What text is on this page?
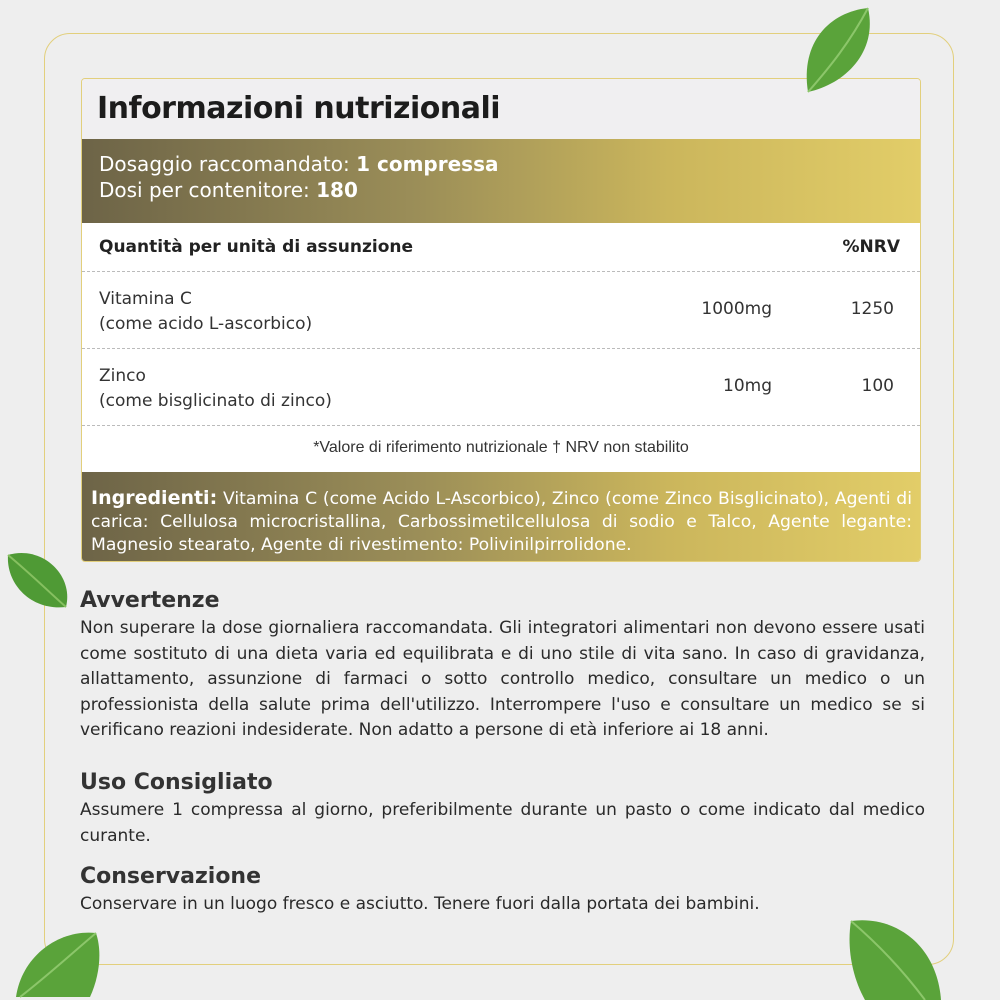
Informazioni nutrizionali
Dosaggio raccomandato: 1 compressa
Dosi per contenitore: 180
Quantità per unità di assunzione	%NRV
Vitamina C
(come acido L-ascorbico)
1000mg	1250
Zinco
(come bisglicinato di zinco)
10mg	100
*Valore di riferimento nutrizionale † NRV non stabilito
Ingredienti: Vitamina C (come Acido L-Ascorbico), Zinco (come Zinco Bisglicinato), Agenti di carica: Cellulosa microcristallina, Carbossimetilcellulosa di sodio e Talco, Agente legante: Magnesio stearato, Agente di rivestimento: Polivinilpirrolidone.
Avvertenze

Non superare la dose giornaliera raccomandata. Gli integratori alimentari non devono essere usati come sostituto di una dieta varia ed equilibrata e di uno stile di vita sano. In caso di gravidanza, allattamento, assunzione di farmaci o sotto controllo medico, consultare un medico o un professionista della salute prima dell'utilizzo. Interrompere l'uso e consultare un medico se si verificano reazioni indesiderate. Non adatto a persone di età inferiore ai 18 anni.

Uso Consigliato

Assumere 1 compressa al giorno, preferibilmente durante un pasto o come indicato dal medico curante.

Conservazione

Conservare in un luogo fresco e asciutto. Tenere fuori dalla portata dei bambini.
